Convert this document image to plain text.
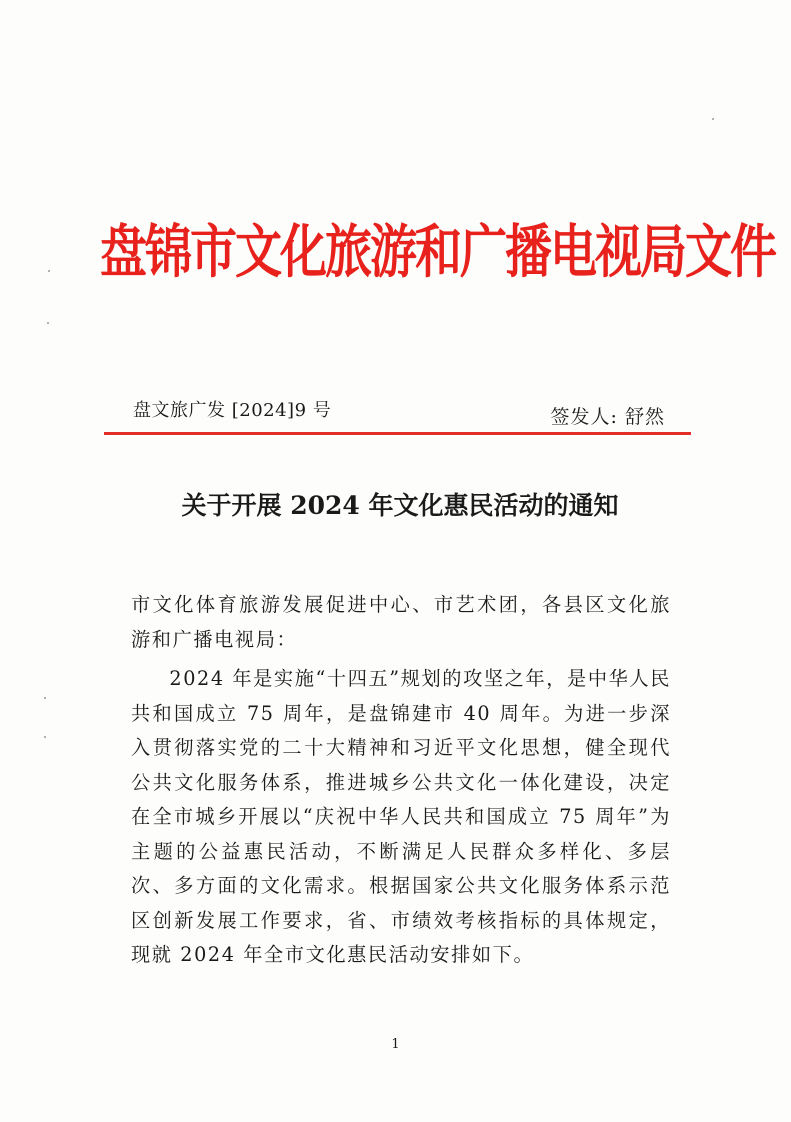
盘锦市文化旅游和广播电视局文件
盘文旅广发 [2024]9 号	签发人: 舒然
关于开展 2024 年文化惠民活动的通知
市文化体育旅游发展促进中心、市艺术团，各县区文化旅游和广播电视局：
2024 年是实施“十四五”规划的攻坚之年，是中华人民共和国成立 75 周年，是盘锦建市 40 周年。为进一步深入贯彻落实党的二十大精神和习近平文化思想，健全现代公共文化服务体系，推进城乡公共文化一体化建设，决定在全市城乡开展以“庆祝中华人民共和国成立 75 周年”为主题的公益惠民活动，不断满足人民群众多样化、多层次、多方面的文化需求。根据国家公共文化服务体系示范区创新发展工作要求，省、市绩效考核指标的具体规定，现就 2024 年全市文化惠民活动安排如下。
1
